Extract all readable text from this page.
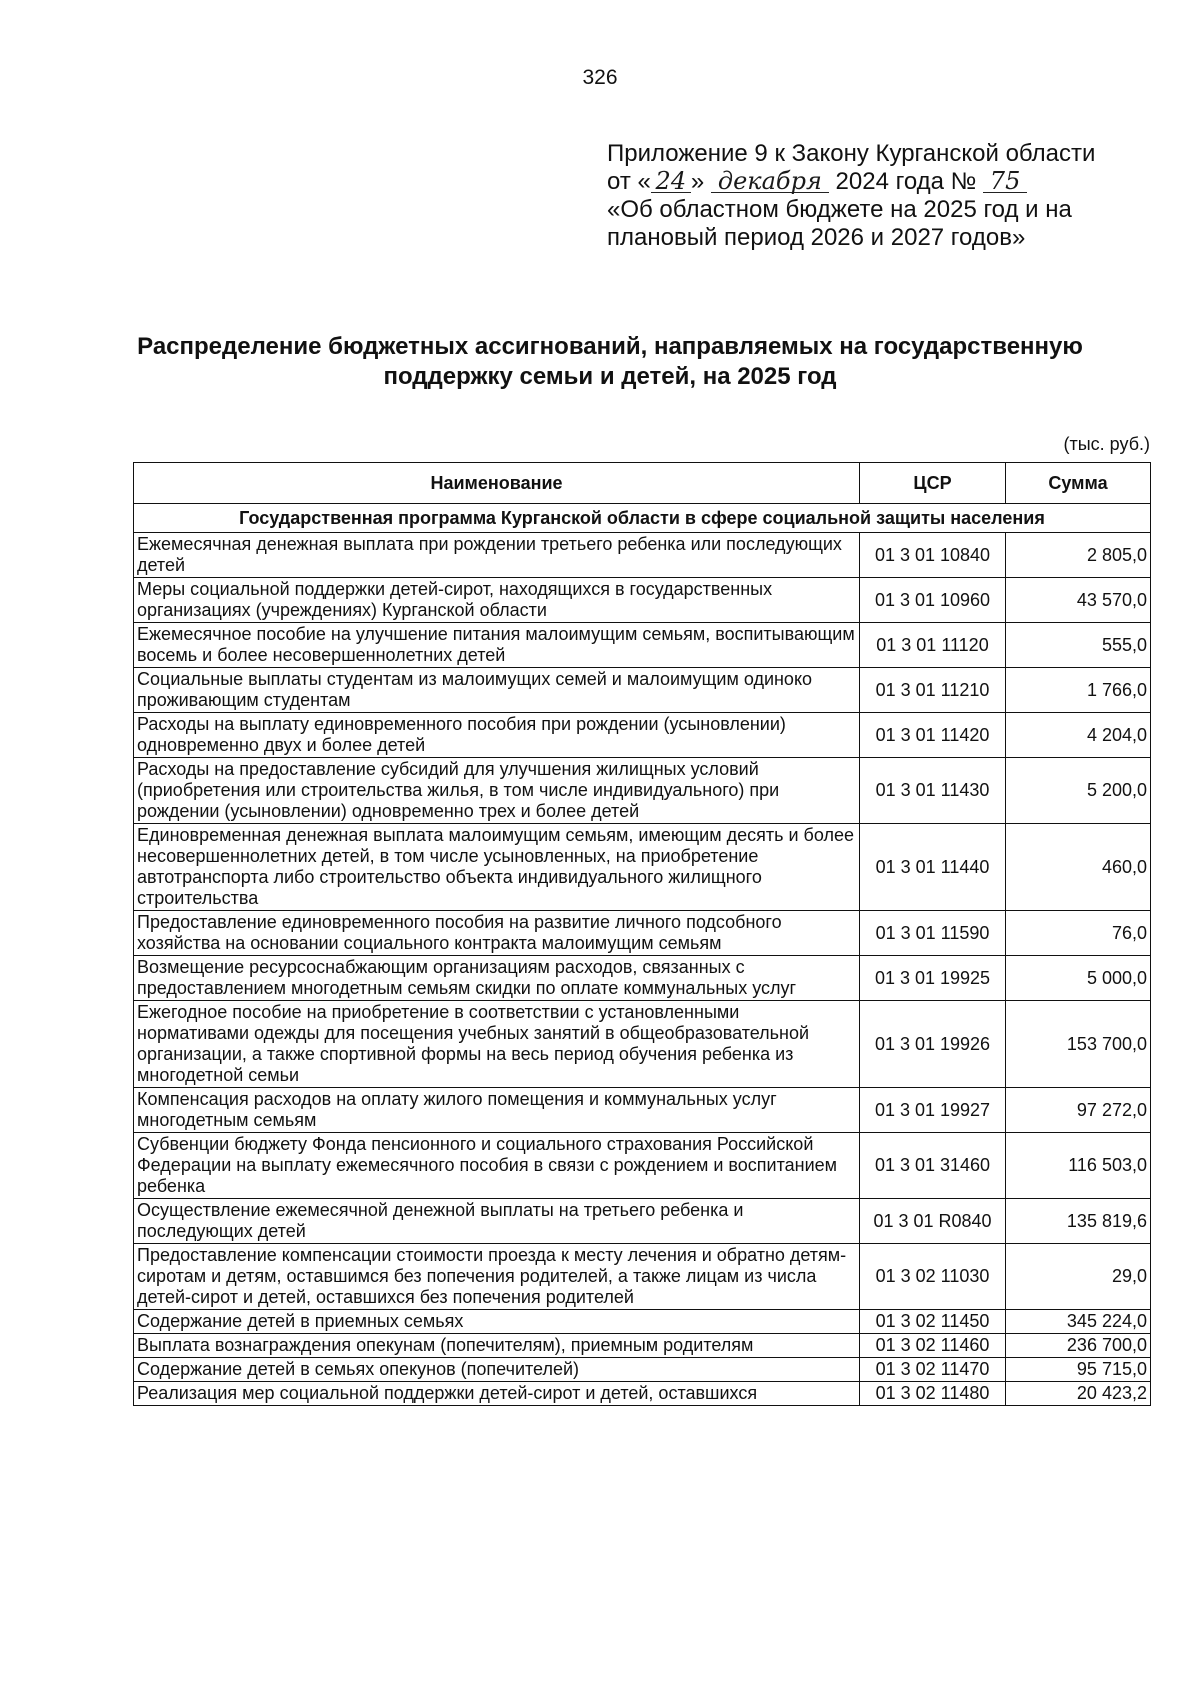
326
Приложение 9 к Закону Курганской области
от « 24 » декабря 2024 года № 75
«Об областном бюджете на 2025 год и на
плановый период 2026 и 2027 годов»
Распределение бюджетных ассигнований, направляемых на государственную
поддержку семьи и детей, на 2025 год
(тыс. руб.)
Наименование	ЦСР	Сумма
Государственная программа Курганской области в сфере социальной защиты населения		
Ежемесячная денежная выплата при рождении третьего ребенка или последующих детей	01 3 01 10840	2 805,0
Меры социальной поддержки детей-сирот, находящихся в государственных организациях (учреждениях) Курганской области	01 3 01 10960	43 570,0
Ежемесячное пособие на улучшение питания малоимущим семьям, воспитывающим восемь и более несовершеннолетних детей	01 3 01 11120	555,0
Социальные выплаты студентам из малоимущих семей и малоимущим одиноко проживающим студентам	01 3 01 11210	1 766,0
Расходы на выплату единовременного пособия при рождении (усыновлении) одновременно двух и более детей	01 3 01 11420	4 204,0
Расходы на предоставление субсидий для улучшения жилищных условий (приобретения или строительства жилья, в том числе индивидуального) при рождении (усыновлении) одновременно трех и более детей	01 3 01 11430	5 200,0
Единовременная денежная выплата малоимущим семьям, имеющим десять и более несовершеннолетних детей, в том числе усыновленных, на приобретение автотранспорта либо строительство объекта индивидуального жилищного строительства	01 3 01 11440	460,0
Предоставление единовременного пособия на развитие личного подсобного хозяйства на основании социального контракта малоимущим семьям	01 3 01 11590	76,0
Возмещение ресурсоснабжающим организациям расходов, связанных с предоставлением многодетным семьям скидки по оплате коммунальных услуг	01 3 01 19925	5 000,0
Ежегодное пособие на приобретение в соответствии с установленными нормативами одежды для посещения учебных занятий в общеобразовательной организации, а также спортивной формы на весь период обучения ребенка из многодетной семьи	01 3 01 19926	153 700,0
Компенсация расходов на оплату жилого помещения и коммунальных услуг многодетным семьям	01 3 01 19927	97 272,0
Субвенции бюджету Фонда пенсионного и социального страхования Российской Федерации на выплату ежемесячного пособия в связи с рождением и воспитанием ребенка	01 3 01 31460	116 503,0
Осуществление ежемесячной денежной выплаты на третьего ребенка и последующих детей	01 3 01 R0840	135 819,6
Предоставление компенсации стоимости проезда к месту лечения и обратно детям-сиротам и детям, оставшимся без попечения родителей, а также лицам из числа детей-сирот и детей, оставшихся без попечения родителей	01 3 02 11030	29,0
Содержание детей в приемных семьях	01 3 02 11450	345 224,0
Выплата вознаграждения опекунам (попечителям), приемным родителям	01 3 02 11460	236 700,0
Содержание детей в семьях опекунов (попечителей)	01 3 02 11470	95 715,0
Реализация мер социальной поддержки детей-сирот и детей, оставшихся	01 3 02 11480	20 423,2
